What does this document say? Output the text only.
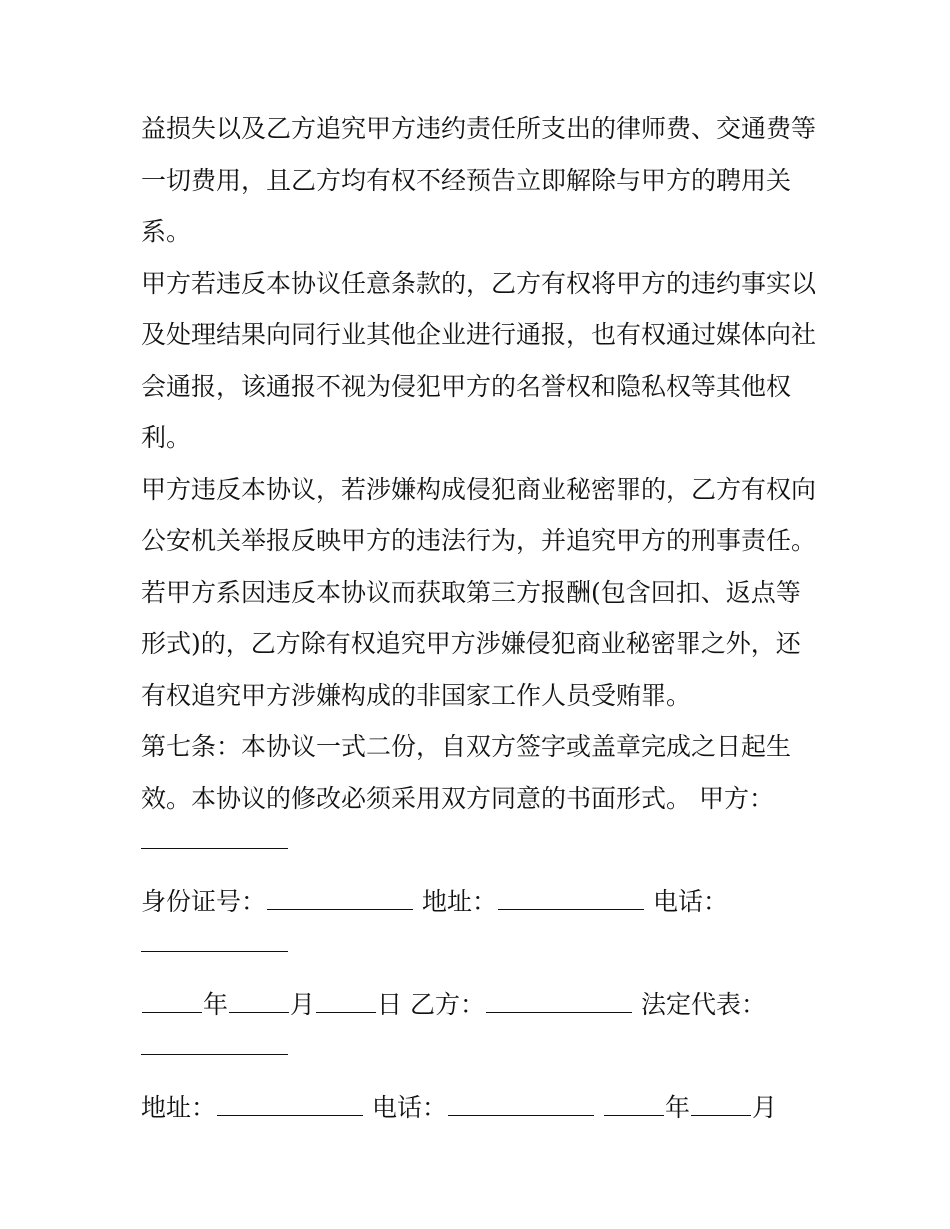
益损失以及乙方追究甲方违约责任所支出的律师费、交通费等
一切费用，且乙方均有权不经预告立即解除与甲方的聘用关
系。
甲方若违反本协议任意条款的，乙方有权将甲方的违约事实以
及处理结果向同行业其他企业进行通报，也有权通过媒体向社
会通报，该通报不视为侵犯甲方的名誉权和隐私权等其他权
利。
甲方违反本协议，若涉嫌构成侵犯商业秘密罪的，乙方有权向
公安机关举报反映甲方的违法行为，并追究甲方的刑事责任。
若甲方系因违反本协议而获取第三方报酬(包含回扣、返点等
形式)的，乙方除有权追究甲方涉嫌侵犯商业秘密罪之外，还
有权追究甲方涉嫌构成的非国家工作人员受贿罪。
第七条：本协议一式二份，自双方签字或盖章完成之日起生
效。本协议的修改必须采用双方同意的书面形式。 甲方：
身份证号：	地址：	电话：
年 月 日 乙方：	法定代表：
地址：	电话：	年 月
